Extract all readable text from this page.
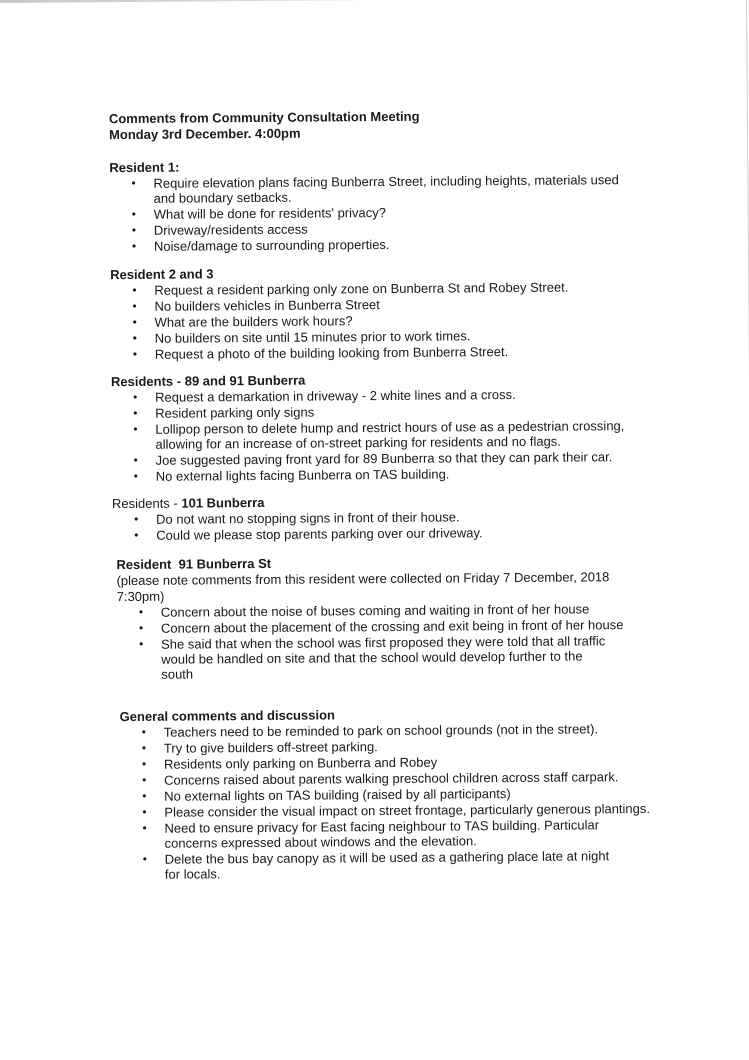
Comments from Community Consultation Meeting

Monday 3rd December. 4:00pm

Resident 1:

• Require elevation plans facing Bunberra Street, including heights, materials used and boundary setbacks.
• What will be done for residents' privacy?
• Driveway/residents access
• Noise/damage to surrounding properties.

Resident 2 and 3

• Request a resident parking only zone on Bunberra St and Robey Street.
• No builders vehicles in Bunberra Street
• What are the builders work hours?
• No builders on site until 15 minutes prior to work times.
• Request a photo of the building looking from Bunberra Street.

Residents - 89 and 91 Bunberra

• Request a demarkation in driveway - 2 white lines and a cross.
• Resident parking only signs
• Lollipop person to delete hump and restrict hours of use as a pedestrian crossing, allowing for an increase of on-street parking for residents and no flags.
• Joe suggested paving front yard for 89 Bunberra so that they can park their car.
• No external lights facing Bunberra on TAS building.

Residents - 101 Bunberra

• Do not want no stopping signs in front of their house.
• Could we please stop parents parking over our driveway.

Resident  91 Bunberra St

(please note comments from this resident were collected on Friday 7 December, 2018 7:30pm)

• Concern about the noise of buses coming and waiting in front of her house
• Concern about the placement of the crossing and exit being in front of her house
• She said that when the school was first proposed they were told that all traffic would be handled on site and that the school would develop further to the south

General comments and discussion

• Teachers need to be reminded to park on school grounds (not in the street).
• Try to give builders off-street parking.
• Residents only parking on Bunberra and Robey
• Concerns raised about parents walking preschool children across staff carpark.
• No external lights on TAS building (raised by all participants)
• Please consider the visual impact on street frontage, particularly generous plantings.
• Need to ensure privacy for East facing neighbour to TAS building. Particular concerns expressed about windows and the elevation.
• Delete the bus bay canopy as it will be used as a gathering place late at night for locals.
